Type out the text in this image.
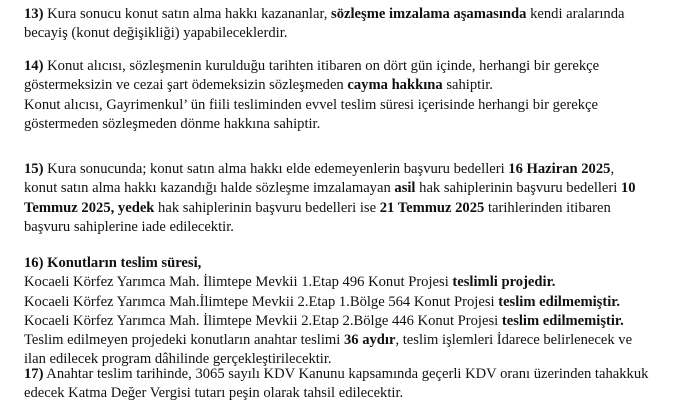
13) Kura sonucu konut satın alma hakkı kazananlar, sözleşme imzalama aşamasında kendi aralarında
becayiş (konut değişikliği) yapabileceklerdir.
14) Konut alıcısı, sözleşmenin kurulduğu tarihten itibaren on dört gün içinde, herhangi bir gerekçe
göstermeksizin ve cezai şart ödemeksizin sözleşmeden cayma hakkına sahiptir.
Konut alıcısı, Gayrimenkul’ ün fiili tesliminden evvel teslim süresi içerisinde herhangi bir gerekçe
göstermeden sözleşmeden dönme hakkına sahiptir.
15) Kura sonucunda; konut satın alma hakkı elde edemeyenlerin başvuru bedelleri 16 Haziran 2025,
konut satın alma hakkı kazandığı halde sözleşme imzalamayan asil hak sahiplerinin başvuru bedelleri 10
Temmuz 2025, yedek hak sahiplerinin başvuru bedelleri ise 21 Temmuz 2025 tarihlerinden itibaren
başvuru sahiplerine iade edilecektir.
16) Konutların teslim süresi,
Kocaeli Körfez Yarımca Mah. İlimtepe Mevkii 1.Etap 496 Konut Projesi teslimli projedir.
Kocaeli Körfez Yarımca Mah.İlimtepe Mevkii 2.Etap 1.Bölge 564 Konut Projesi teslim edilmemiştir.
Kocaeli Körfez Yarımca Mah. İlimtepe Mevkii 2.Etap 2.Bölge 446 Konut Projesi teslim edilmemiştir.
Teslim edilmeyen projedeki konutların anahtar teslimi 36 aydır, teslim işlemleri İdarece belirlenecek ve
ilan edilecek program dâhilinde gerçekleştirilecektir.
17) Anahtar teslim tarihinde, 3065 sayılı KDV Kanunu kapsamında geçerli KDV oranı üzerinden tahakkuk
edecek Katma Değer Vergisi tutarı peşin olarak tahsil edilecektir.
